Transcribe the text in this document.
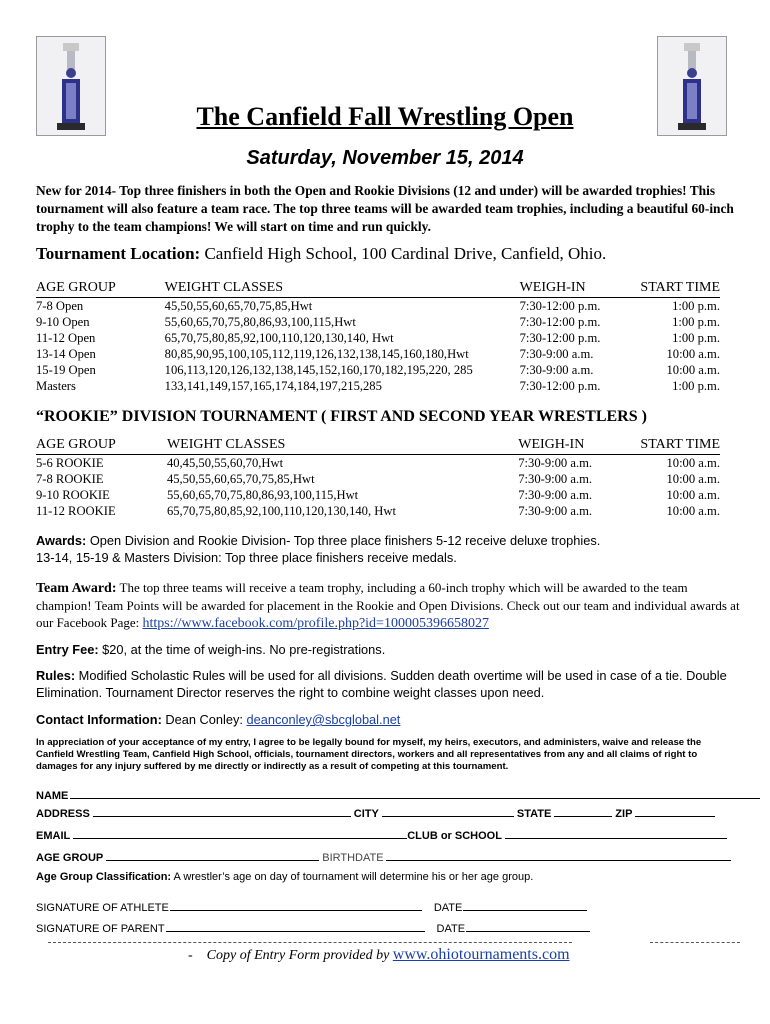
The Canfield Fall Wrestling Open
Saturday, November 15, 2014
New for 2014- Top three finishers in both the Open and Rookie Divisions (12 and under) will be awarded trophies! This tournament will also feature a team race. The top three teams will be awarded team trophies, including a beautiful 60-inch trophy to the team champions! We will start on time and run quickly.
Tournament Location: Canfield High School, 100 Cardinal Drive, Canfield, Ohio.
AGE GROUP	WEIGHT CLASSES	WEIGH-IN	START TIME
7-8 Open	45,50,55,60,65,70,75,85,Hwt	7:30-12:00 p.m.	1:00 p.m.
9-10 Open	55,60,65,70,75,80,86,93,100,115,Hwt	7:30-12:00 p.m.	1:00 p.m.
11-12 Open	65,70,75,80,85,92,100,110,120,130,140, Hwt	7:30-12:00 p.m.	1:00 p.m.
13-14 Open	80,85,90,95,100,105,112,119,126,132,138,145,160,180,Hwt	7:30-9:00 a.m.	10:00 a.m.
15-19 Open	106,113,120,126,132,138,145,152,160,170,182,195,220, 285	7:30-9:00 a.m.	10:00 a.m.
Masters	133,141,149,157,165,174,184,197,215,285	7:30-12:00 p.m.	1:00 p.m.
“ROOKIE” DIVISION TOURNAMENT ( FIRST AND SECOND YEAR WRESTLERS )
AGE GROUP	WEIGHT CLASSES	WEIGH-IN	START TIME
5-6 ROOKIE	40,45,50,55,60,70,Hwt	7:30-9:00 a.m.	10:00 a.m.
7-8 ROOKIE	45,50,55,60,65,70,75,85,Hwt	7:30-9:00 a.m.	10:00 a.m.
9-10 ROOKIE	55,60,65,70,75,80,86,93,100,115,Hwt	7:30-9:00 a.m.	10:00 a.m.
11-12 ROOKIE	65,70,75,80,85,92,100,110,120,130,140, Hwt	7:30-9:00 a.m.	10:00 a.m.
Awards: Open Division and Rookie Division- Top three place finishers 5-12 receive deluxe trophies.
13-14, 15-19 & Masters Division: Top three place finishers receive medals.
Team Award: The top three teams will receive a team trophy, including a 60-inch trophy which will be awarded to the team champion! Team Points will be awarded for placement in the Rookie and Open Divisions. Check out our team and individual awards at our Facebook Page: https://www.facebook.com/profile.php?id=100005396658027
Entry Fee: $20, at the time of weigh-ins. No pre-registrations.
Rules: Modified Scholastic Rules will be used for all divisions. Sudden death overtime will be used in case of a tie. Double Elimination. Tournament Director reserves the right to combine weight classes upon need.
Contact Information: Dean Conley: deanconley@sbcglobal.net
In appreciation of your acceptance of my entry, I agree to be legally bound for myself, my heirs, executors, and administers, waive and release the Canfield Wrestling Team, Canfield High School, officials, tournament directors, workers and all representatives from any and all claims of right to damages for any injury suffered by me directly or indirectly as a result of competing at this tournament.
NAME
ADDRESS	CITY	STATE	ZIP
EMAIL	CLUB or SCHOOL
AGE GROUP	BIRTHDATE
Age Group Classification: A wrestler’s age on day of tournament will determine his or her age group.
SIGNATURE OF ATHLETE	DATE
SIGNATURE OF PARENT	DATE
- Copy of Entry Form provided by www.ohiotournaments.com
